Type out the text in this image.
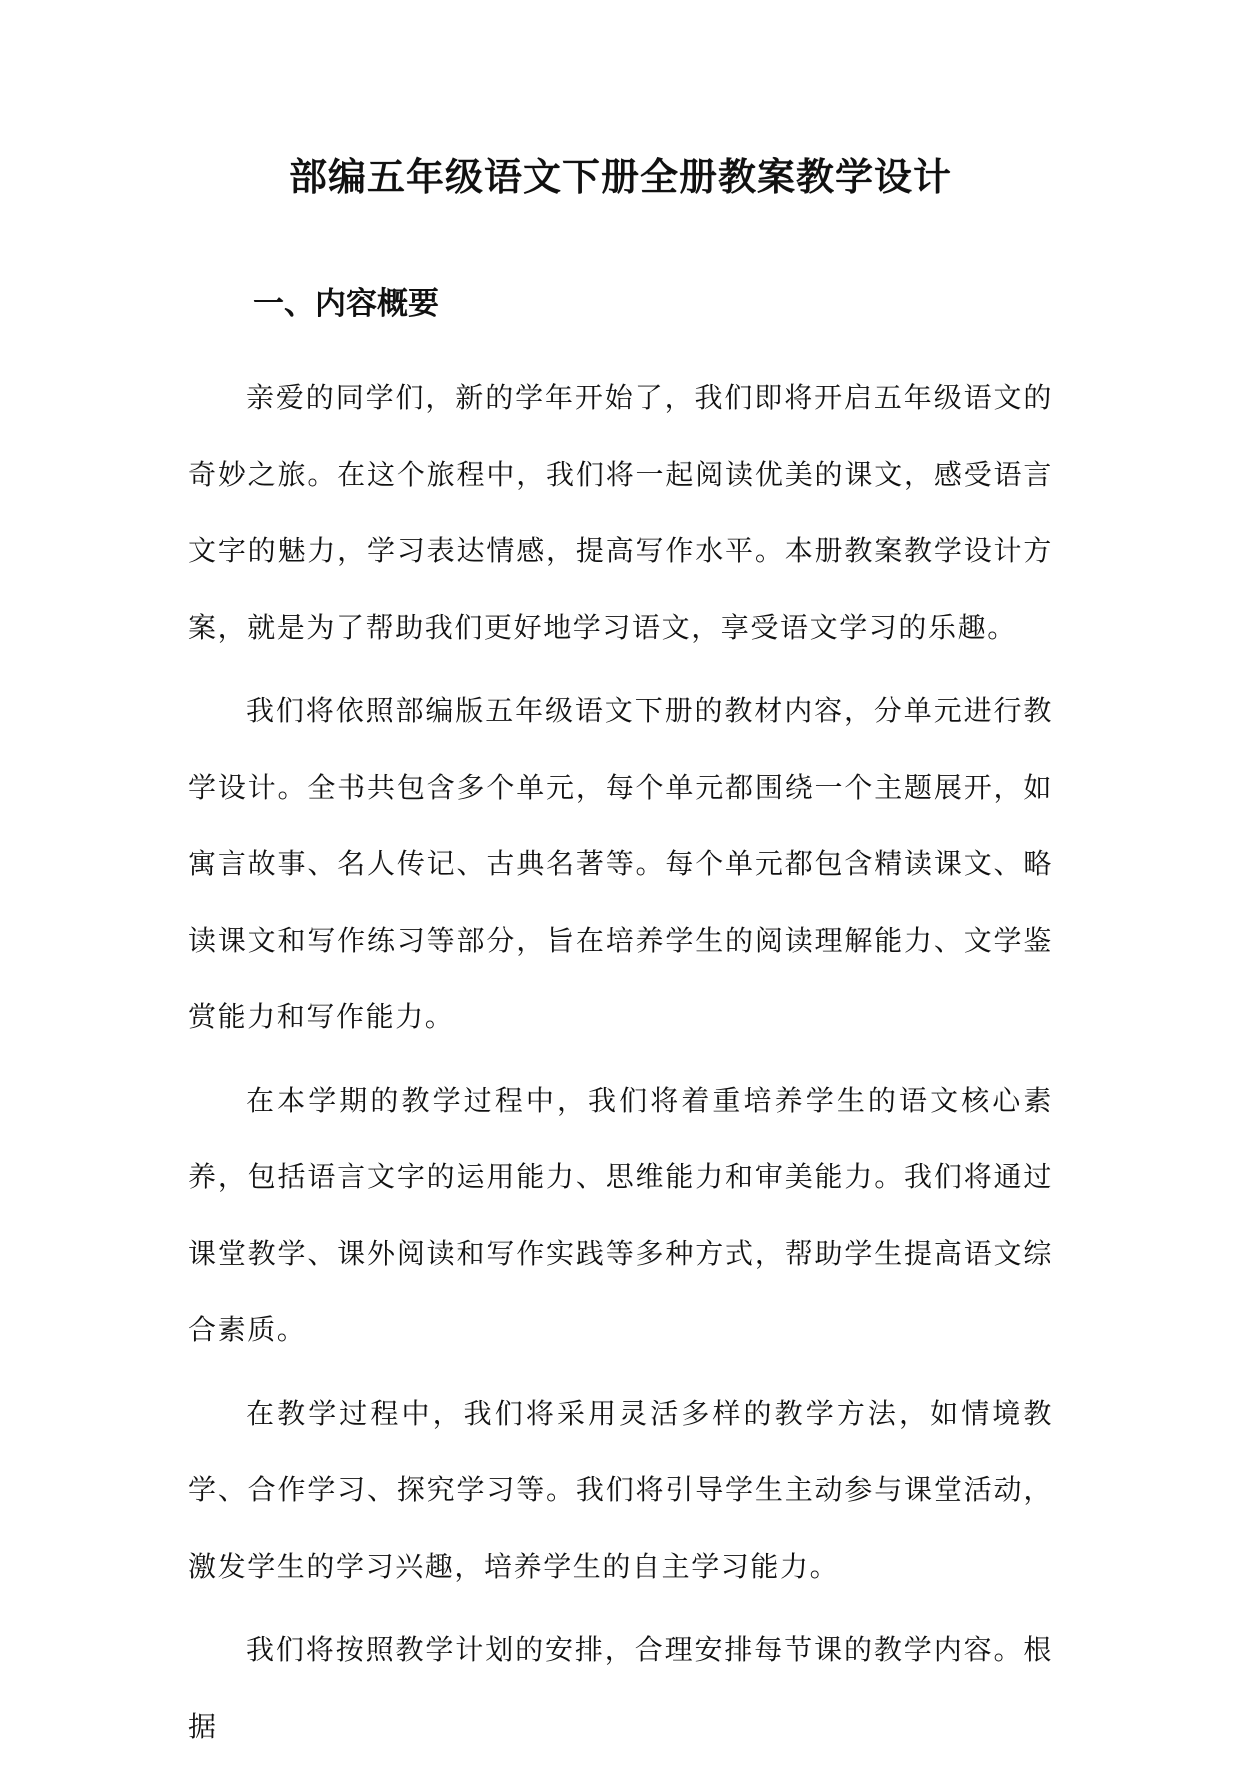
部编五年级语文下册全册教案教学设计
一、内容概要

亲爱的同学们，新的学年开始了，我们即将开启五年级语文的奇妙之旅。在这个旅程中，我们将一起阅读优美的课文，感受语言文字的魅力，学习表达情感，提高写作水平。本册教案教学设计方案，就是为了帮助我们更好地学习语文，享受语文学习的乐趣。

我们将依照部编版五年级语文下册的教材内容，分单元进行教学设计。全书共包含多个单元，每个单元都围绕一个主题展开，如寓言故事、名人传记、古典名著等。每个单元都包含精读课文、略读课文和写作练习等部分，旨在培养学生的阅读理解能力、文学鉴赏能力和写作能力。

在本学期的教学过程中，我们将着重培养学生的语文核心素养，包括语言文字的运用能力、思维能力和审美能力。我们将通过课堂教学、课外阅读和写作实践等多种方式，帮助学生提高语文综合素质。

在教学过程中，我们将采用灵活多样的教学方法，如情境教学、合作学习、探究学习等。我们将引导学生主动参与课堂活动，激发学生的学习兴趣，培养学生的自主学习能力。

我们将按照教学计划的安排，合理安排每节课的教学内容。根据
